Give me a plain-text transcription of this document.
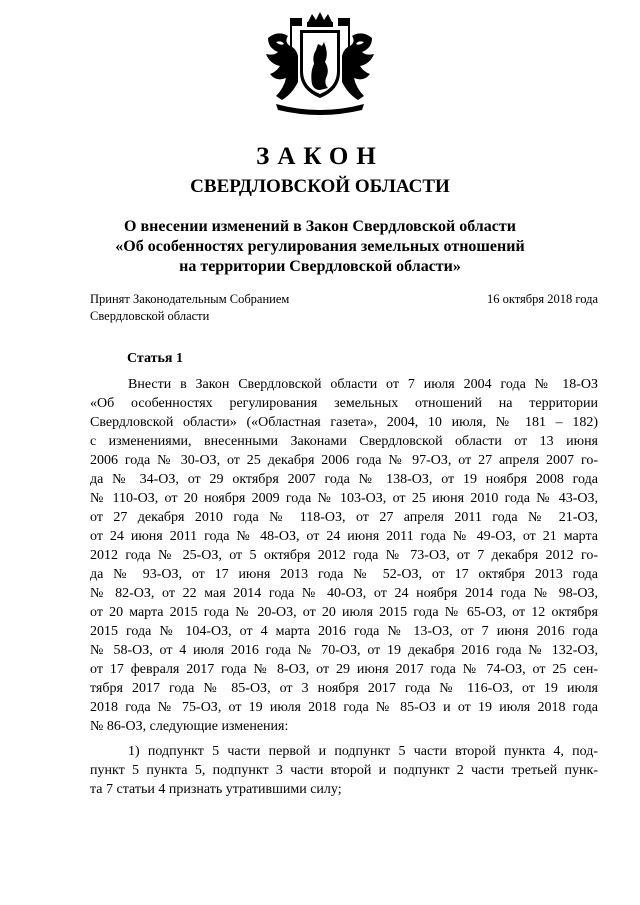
ЗАКОН
СВЕРДЛОВСКОЙ ОБЛАСТИ
О внесении изменений в Закон Свердловской области
«Об особенностях регулирования земельных отношений
на территории Свердловской области»
Принят Законодательным Собранием
Свердловской области
16 октября 2018 года
Статья 1
Внести в Закон Свердловской области от 7 июля 2004 года № 18-ОЗ
«Об особенностях регулирования земельных отношений на территории
Свердловской области» («Областная газета», 2004, 10 июля, № 181 – 182)
с изменениями, внесенными Законами Свердловской области от 13 июня
2006 года № 30-ОЗ, от 25 декабря 2006 года № 97-ОЗ, от 27 апреля 2007 го-
да № 34-ОЗ, от 29 октября 2007 года № 138-ОЗ, от 19 ноября 2008 года
№ 110-ОЗ, от 20 ноября 2009 года № 103-ОЗ, от 25 июня 2010 года № 43-ОЗ,
от 27 декабря 2010 года № 118-ОЗ, от 27 апреля 2011 года № 21-ОЗ,
от 24 июня 2011 года № 48-ОЗ, от 24 июня 2011 года № 49-ОЗ, от 21 марта
2012 года № 25-ОЗ, от 5 октября 2012 года № 73-ОЗ, от 7 декабря 2012 го-
да № 93-ОЗ, от 17 июня 2013 года № 52-ОЗ, от 17 октября 2013 года
№ 82-ОЗ, от 22 мая 2014 года № 40-ОЗ, от 24 ноября 2014 года № 98-ОЗ,
от 20 марта 2015 года № 20-ОЗ, от 20 июля 2015 года № 65-ОЗ, от 12 октября
2015 года № 104-ОЗ, от 4 марта 2016 года № 13-ОЗ, от 7 июня 2016 года
№ 58-ОЗ, от 4 июля 2016 года № 70-ОЗ, от 19 декабря 2016 года № 132-ОЗ,
от 17 февраля 2017 года № 8-ОЗ, от 29 июня 2017 года № 74-ОЗ, от 25 сен-
тября 2017 года № 85-ОЗ, от 3 ноября 2017 года № 116-ОЗ, от 19 июля
2018 года № 75-ОЗ, от 19 июля 2018 года № 85-ОЗ и от 19 июля 2018 года
№ 86-ОЗ, следующие изменения:
1) подпункт 5 части первой и подпункт 5 части второй пункта 4, под-
пункт 5 пункта 5, подпункт 3 части второй и подпункт 2 части третьей пунк-
та 7 статьи 4 признать утратившими силу;
